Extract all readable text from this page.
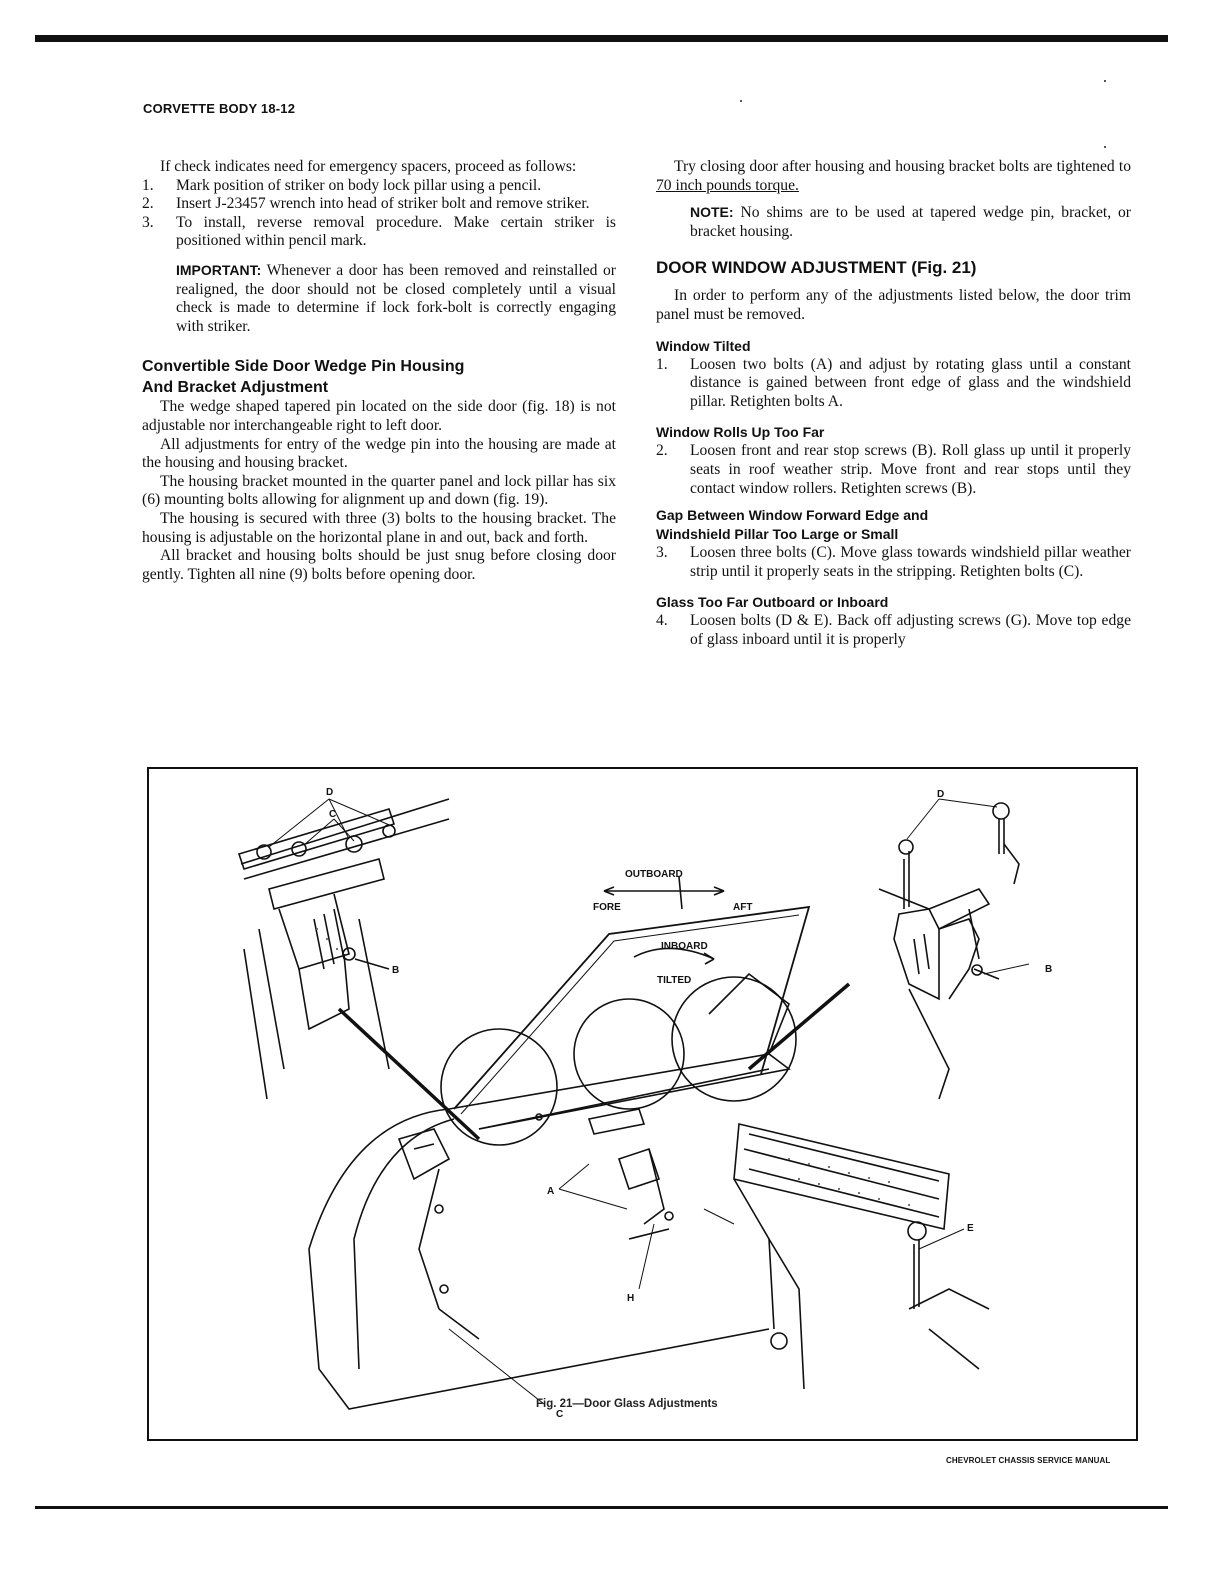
CORVETTE BODY 18-12

If check indicates need for emergency spacers, proceed as follows:

1. Mark position of striker on body lock pillar using a pencil.
2. Insert J-23457 wrench into head of striker bolt and remove striker.
3. To install, reverse removal procedure. Make certain striker is positioned within pencil mark.

IMPORTANT: Whenever a door has been removed and reinstalled or realigned, the door should not be closed completely until a visual check is made to determine if lock fork-bolt is correctly engaging with striker.

Convertible Side Door Wedge Pin Housing
And Bracket Adjustment

The wedge shaped tapered pin located on the side door (fig. 18) is not adjustable nor interchangeable right to left door.

All adjustments for entry of the wedge pin into the housing are made at the housing and housing bracket.

The housing bracket mounted in the quarter panel and lock pillar has six (6) mounting bolts allowing for alignment up and down (fig. 19).

The housing is secured with three (3) bolts to the housing bracket. The housing is adjustable on the horizontal plane in and out, back and forth.

All bracket and housing bolts should be just snug before closing door gently. Tighten all nine (9) bolts before opening door.

Try closing door after housing and housing bracket bolts are tightened to 70 inch pounds torque.

NOTE: No shims are to be used at tapered wedge pin, bracket, or bracket housing.

DOOR WINDOW ADJUSTMENT (Fig. 21)

In order to perform any of the adjustments listed below, the door trim panel must be removed.

Window Tilted
1. Loosen two bolts (A) and adjust by rotating glass until a constant distance is gained between front edge of glass and the windshield pillar. Retighten bolts A.
Window Rolls Up Too Far
2. Loosen front and rear stop screws (B). Roll glass up until it properly seats in roof weather strip. Move front and rear stops until they contact window rollers. Retighten screws (B).
Gap Between Window Forward Edge and
Windshield Pillar Too Large or Small
3. Loosen three bolts (C). Move glass towards windshield pillar weather strip until it properly seats in the stripping. Retighten bolts (C).
Glass Too Far Outboard or Inboard
4. Loosen bolts (D & E). Back off adjusting screws (G). Move top edge of glass inboard until it is properly
OUTBOARD
FORE	AFT
INBOARD
TILTED
D
C
B
D
B
A
C
H
E
Fig. 21—Door Glass Adjustments
CHEVROLET CHASSIS SERVICE MANUAL
